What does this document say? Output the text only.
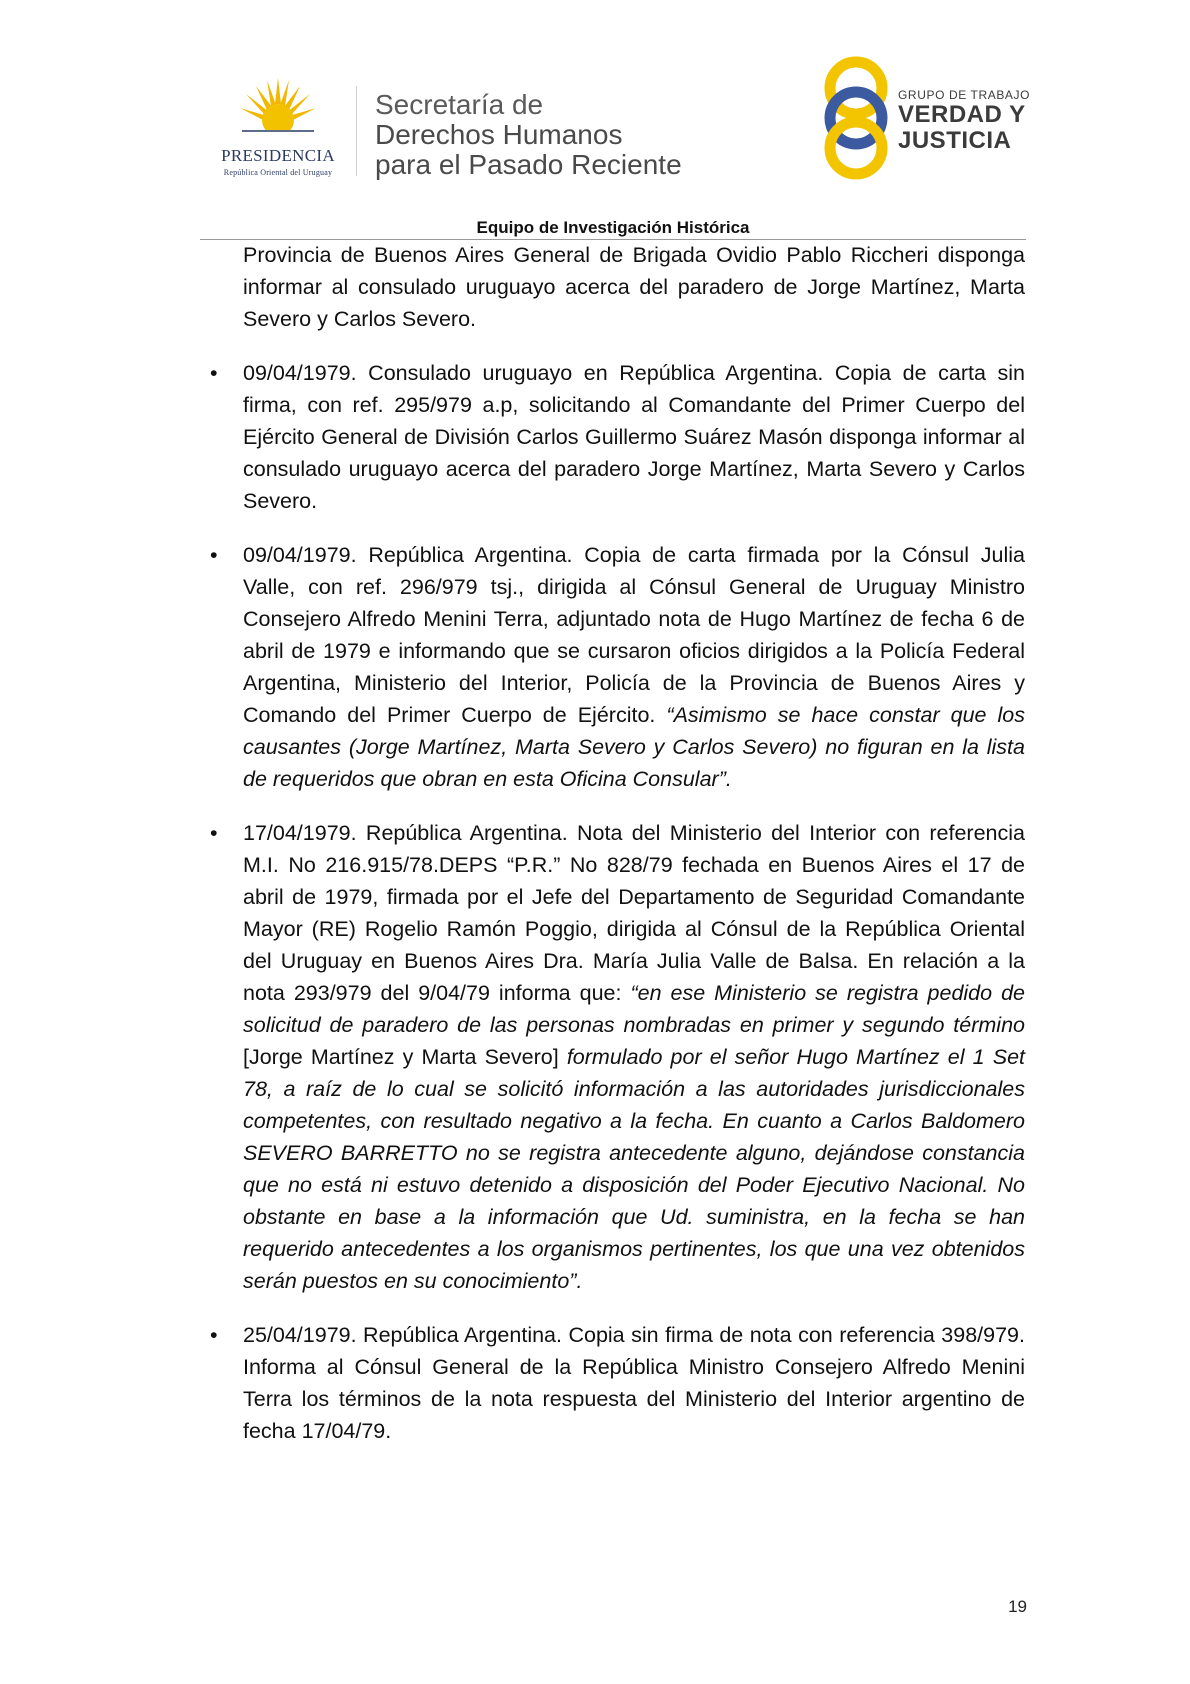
PRESIDENCIA
República Oriental del Uruguay
Secretaría de
Derechos Humanos
para el Pasado Reciente
GRUPO DE TRABAJO
VERDAD Y
JUSTICIA
Equipo de Investigación Histórica

Provincia de Buenos Aires General de Brigada Ovidio Pablo Riccheri disponga informar al consulado uruguayo acerca del paradero de Jorge Martínez, Marta Severo y Carlos Severo.

• 09/04/1979. Consulado uruguayo en República Argentina. Copia de carta sin firma, con ref. 295/979 a.p, solicitando al Comandante del Primer Cuerpo del Ejército General de División Carlos Guillermo Suárez Masón disponga informar al consulado uruguayo acerca del paradero Jorge Martínez, Marta Severo y Carlos Severo.
• 09/04/1979. República Argentina. Copia de carta firmada por la Cónsul Julia Valle, con ref. 296/979 tsj., dirigida al Cónsul General de Uruguay Ministro Consejero Alfredo Menini Terra, adjuntado nota de Hugo Martínez de fecha 6 de abril de 1979 e informando que se cursaron oficios dirigidos a la Policía Federal Argentina, Ministerio del Interior, Policía de la Provincia de Buenos Aires y Comando del Primer Cuerpo de Ejército. “Asimismo se hace constar que los causantes (Jorge Martínez, Marta Severo y Carlos Severo) no figuran en la lista de requeridos que obran en esta Oficina Consular”.
• 17/04/1979. República Argentina. Nota del Ministerio del Interior con referencia M.I. No 216.915/78.DEPS “P.R.” No 828/79 fechada en Buenos Aires el 17 de abril de 1979, firmada por el Jefe del Departamento de Seguridad Comandante Mayor (RE) Rogelio Ramón Poggio, dirigida al Cónsul de la República Oriental del Uruguay en Buenos Aires Dra. María Julia Valle de Balsa. En relación a la nota 293/979 del 9/04/79 informa que: “en ese Ministerio se registra pedido de solicitud de paradero de las personas nombradas en primer y segundo término [Jorge Martínez y Marta Severo] formulado por el señor Hugo Martínez el 1 Set 78, a raíz de lo cual se solicitó información a las autoridades jurisdiccionales competentes, con resultado negativo a la fecha. En cuanto a Carlos Baldomero SEVERO BARRETTO no se registra antecedente alguno, dejándose constancia que no está ni estuvo detenido a disposición del Poder Ejecutivo Nacional. No obstante en base a la información que Ud. suministra, en la fecha se han requerido antecedentes a los organismos pertinentes, los que una vez obtenidos serán puestos en su conocimiento”.
• 25/04/1979. República Argentina. Copia sin firma de nota con referencia 398/979. Informa al Cónsul General de la República Ministro Consejero Alfredo Menini Terra los términos de la nota respuesta del Ministerio del Interior argentino de fecha 17/04/79.
19
